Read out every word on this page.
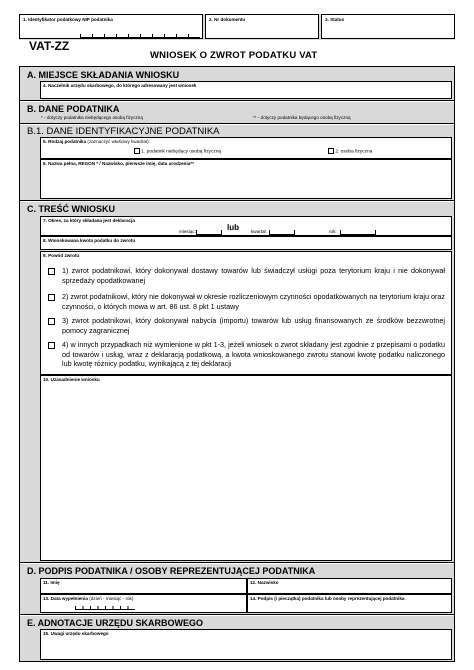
1. Identyfikator podatkowy NIP podatnika	2. Nr dokumentu	3. Status
VAT-ZZ
WNIOSEK O ZWROT PODATKU VAT
A. MIEJSCE SKŁADANIA WNIOSKU
4. Naczelnik urzędu skarbowego, do którego adresowany jest wniosek
B. DANE PODATNIKA
* - dotyczy podatnika niebędącego osobą fizyczną	** - dotyczy podatnika będącego osobą fizyczną
B.1. DANE IDENTYFIKACYJNE PODATNIKA
5. Rodzaj podatnika (zaznaczyć właściwy kwadrat):
1. podatnik niebędący osobą fizyczną	2. osoba fizyczna
6. Nazwa pełna, REGON * / Nazwisko, pierwsze imię, data urodzenia**
C. TREŚĆ WNIOSKU
7. Okres, za który składana jest deklaracja
miesiąc:	lub	kwartał:	rok:
8. Wnioskowana kwota podatku do zwrotu
9. Powód zwrotu
1) zwrot podatnikowi, który dokonywał dostawy towarów lub świadczył usługi poza terytorium kraju i nie dokonywał sprzedaży opodatkowanej
2) zwrot podatnikowi, który nie dokonywał w okresie rozliczeniowym czynności opodatkowanych na terytorium kraju oraz czynności, o których mowa w art. 86 ust. 8 pkt 1 ustawy
3) zwrot podatnikowi, który dokonywał nabycia (importu) towarów lub usług finansowanych ze środków bezzwrotnej pomocy zagranicznej
4) w innych przypadkach niż wymienione w pkt 1-3, jeżeli wniosek o zwrot składany jest zgodnie z przepisami o podatku od towarów i usług, wraz z deklaracją podatkową, a kwota wnioskowanego zwrotu stanowi kwotę podatku naliczonego lub kwotę różnicy podatku, wynikającą z tej deklaracji
10. Uzasadnienie wniosku
D. PODPIS PODATNIKA / OSOBY REPREZENTUJĄCEJ PODATNIKA
11. Imię	12. Nazwisko
13. Data wypełnienia (dzień - miesiąc - rok)	14. Podpis (i pieczątka) podatnika lub osoby reprezentującej podatnika
E. ADNOTACJE URZĘDU SKARBOWEGO
15. Uwagi urzędu skarbowego
